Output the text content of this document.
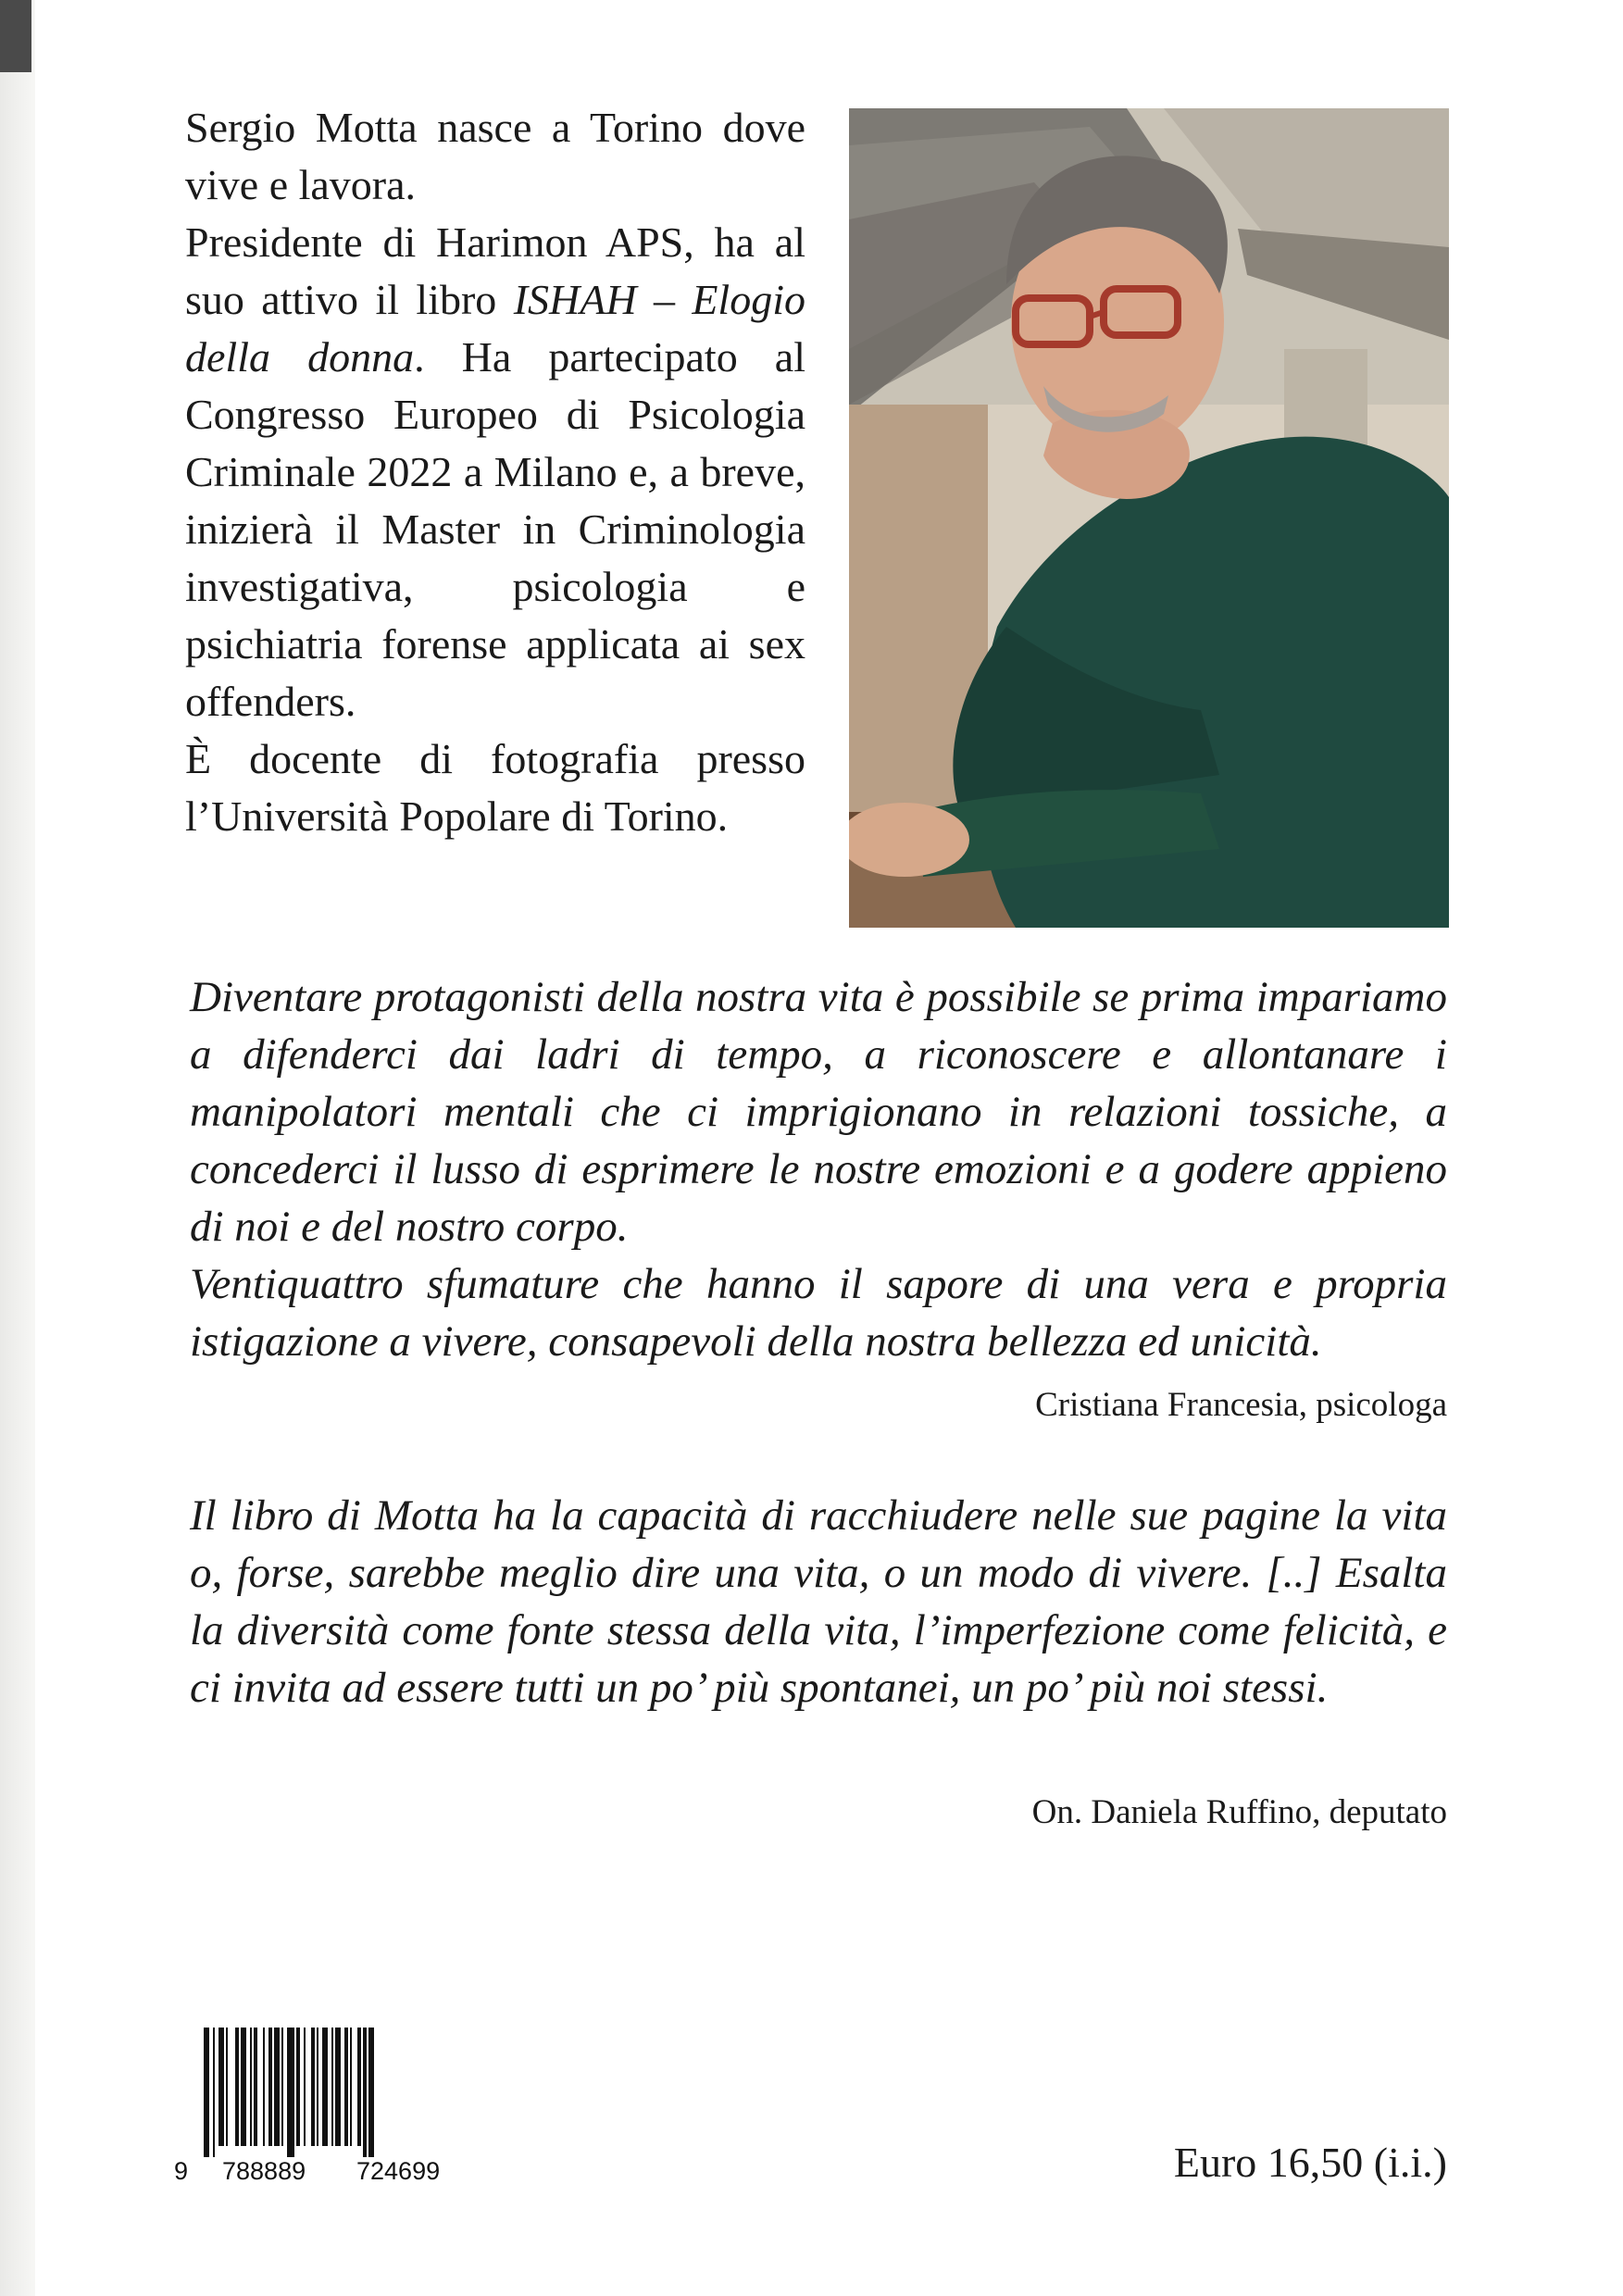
Sergio Motta nasce a Torino dove vive e lavora.

Presidente di Harimon APS, ha al suo attivo il libro ISHAH – Elogio della donna. Ha partecipato al Congresso Europeo di Psicologia Criminale 2022 a Milano e, a breve, inizierà il Master in Criminologia investigativa, psicologia e psichiatria forense applicata ai sex offenders.

È docente di fotografia presso l’Università Popolare di Torino.

Diventare protagonisti della nostra vita è possibile se prima impariamo a difenderci dai ladri di tempo, a riconoscere e allontanare i manipolatori mentali che ci imprigionano in relazioni tossiche, a concederci il lusso di esprimere le nostre emozioni e a godere appieno di noi e del nostro corpo.

Ventiquattro sfumature che hanno il sapore di una vera e propria istigazione a vivere, consapevoli della nostra bellezza ed unicità.

Cristiana Francesia, psicologa

Il libro di Motta ha la capacità di racchiudere nelle sue pagine la vita o, forse, sarebbe meglio dire una vita, o un modo di vivere. [..] Esalta la diversità come fonte stessa della vita, l’imperfezione come felicità, e ci invita ad essere tutti un po’ più spontanei, un po’ più noi stessi.

On. Daniela Ruffino, deputato
9 788889 724699	Euro 16,50 (i.i.)
